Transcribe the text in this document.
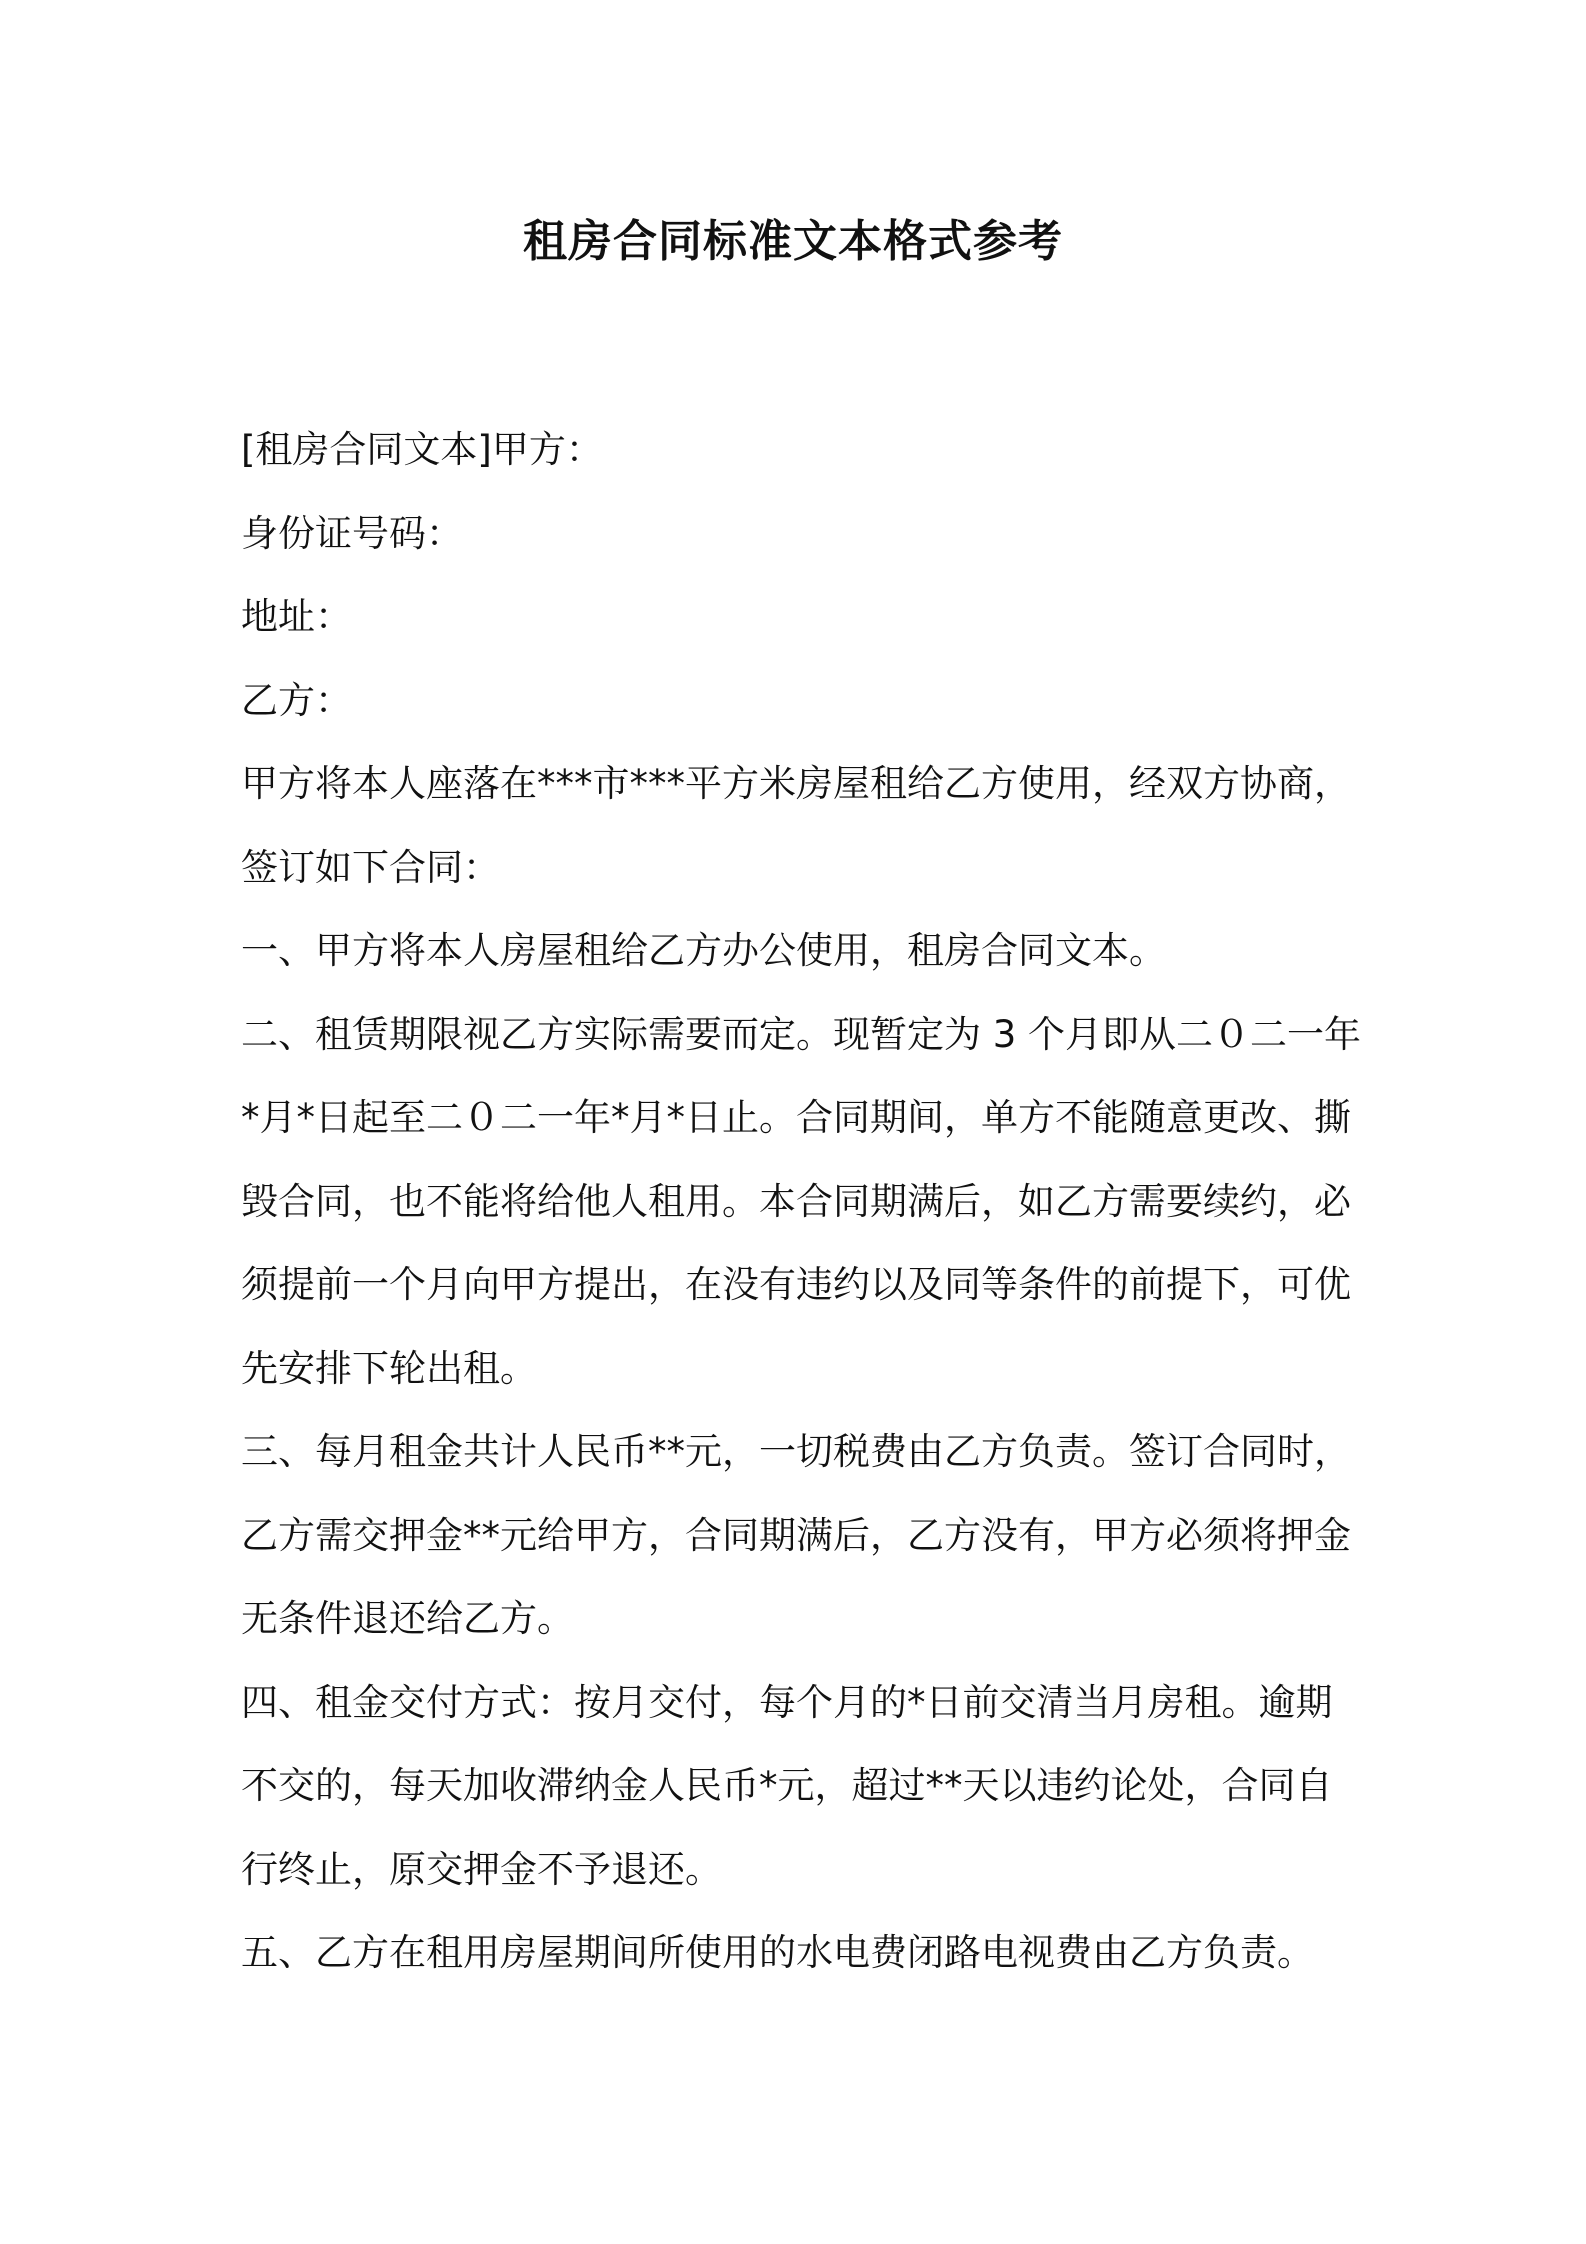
租房合同标准文本格式参考
[租房合同文本]甲方：
身份证号码：
地址：
乙方：
甲方将本人座落在***市***平方米房屋租给乙方使用，经双方协商，
签订如下合同：
一、甲方将本人房屋租给乙方办公使用，租房合同文本。
二、租赁期限视乙方实际需要而定。现暂定为 3 个月即从二０二一年
*月*日起至二０二一年*月*日止。合同期间，单方不能随意更改、撕
毁合同，也不能将给他人租用。本合同期满后，如乙方需要续约，必
须提前一个月向甲方提出，在没有违约以及同等条件的前提下，可优
先安排下轮出租。
三、每月租金共计人民币**元，一切税费由乙方负责。签订合同时，
乙方需交押金**元给甲方，合同期满后，乙方没有，甲方必须将押金
无条件退还给乙方。
四、租金交付方式：按月交付，每个月的*日前交清当月房租。逾期
不交的，每天加收滞纳金人民币*元，超过**天以违约论处，合同自
行终止，原交押金不予退还。
五、乙方在租用房屋期间所使用的水电费闭路电视费由乙方负责。
